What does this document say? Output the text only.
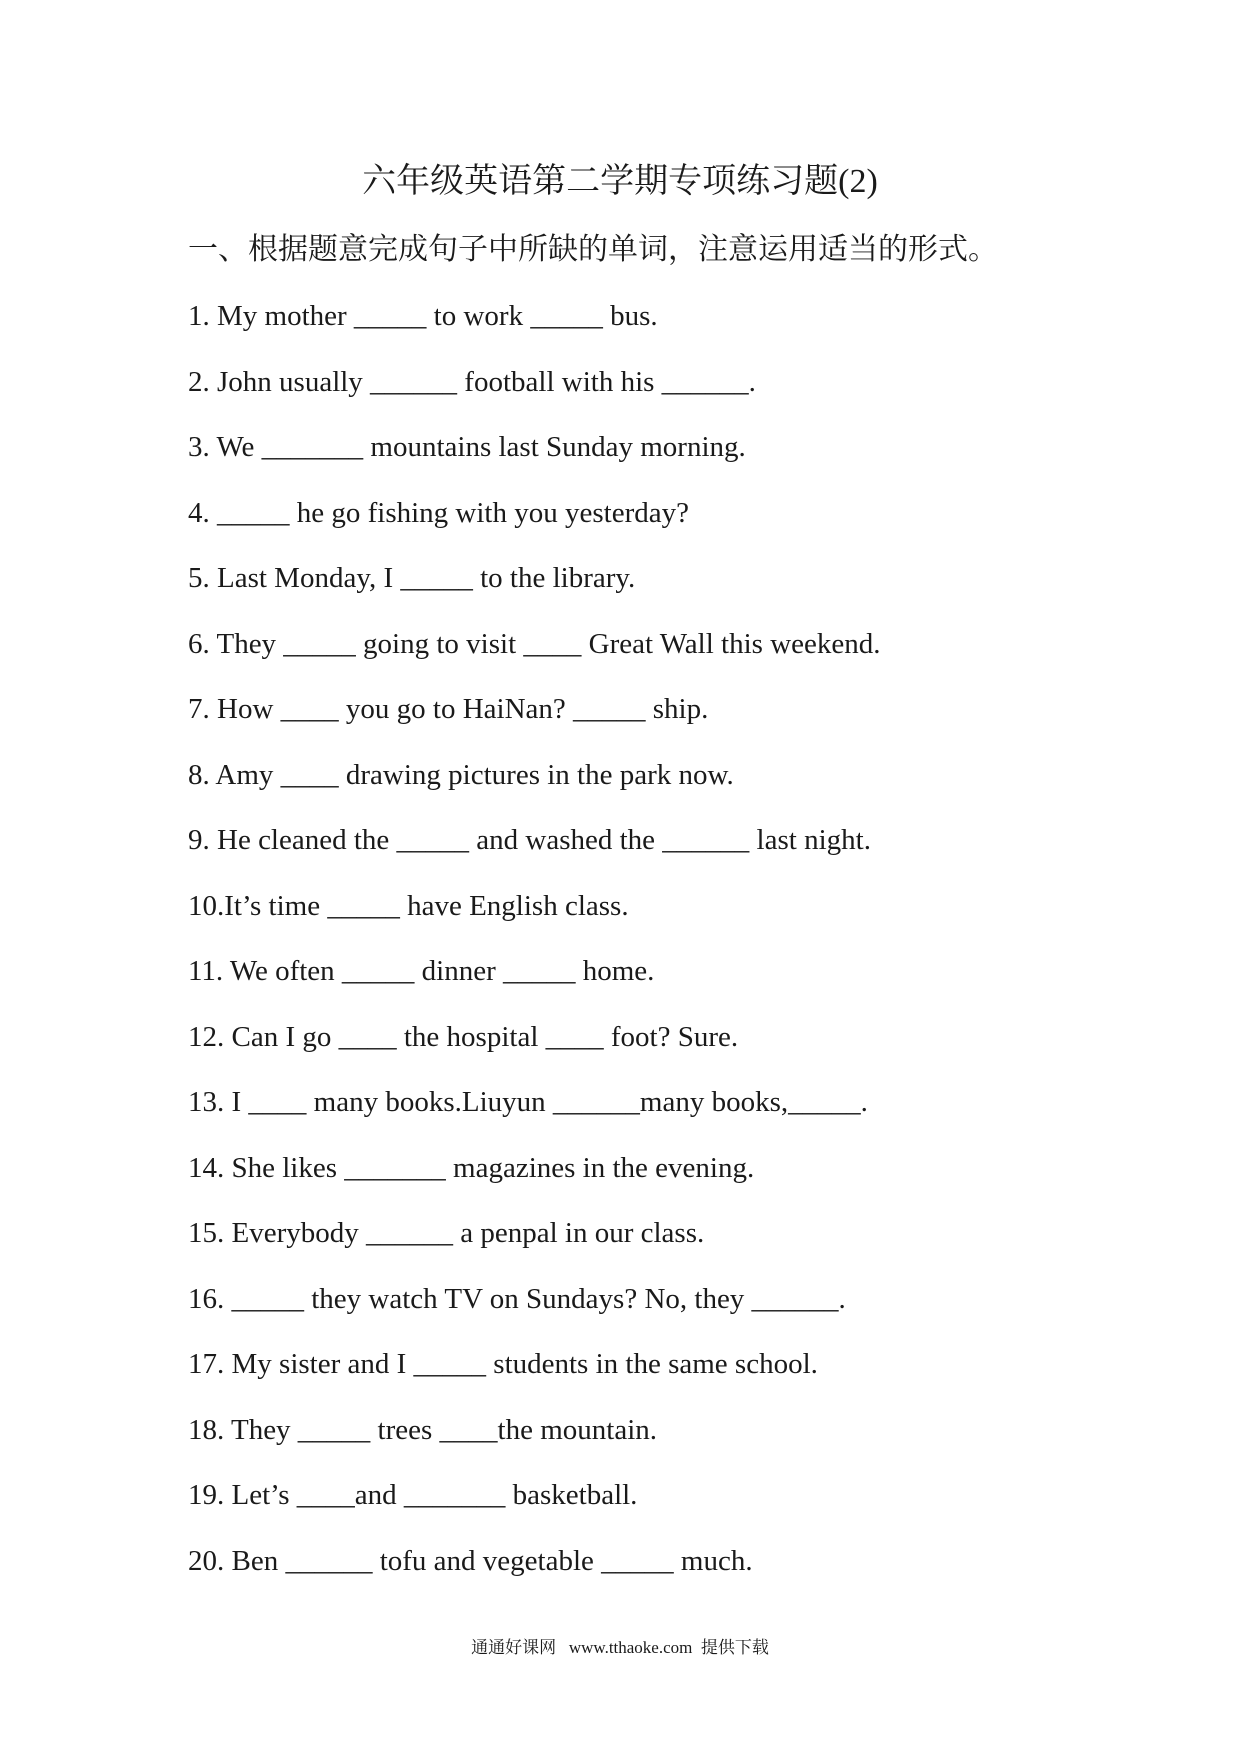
六年级英语第二学期专项练习题(2)
一、根据题意完成句子中所缺的单词，注意运用适当的形式。
1. My mother _____ to work _____ bus.
2. John usually ______ football with his ______.
3. We _______ mountains last Sunday morning.
4. _____ he go fishing with you yesterday?
5. Last Monday, I _____ to the library.
6. They _____ going to visit ____ Great Wall this weekend.
7. How ____ you go to HaiNan? _____ ship.
8. Amy ____ drawing pictures in the park now.
9. He cleaned the _____ and washed the ______ last night.
10.It’s time _____ have English class.
11. We often _____ dinner _____ home.
12. Can I go ____ the hospital ____ foot? Sure.
13. I ____ many books.Liuyun ______many books,_____.
14. She likes _______ magazines in the evening.
15. Everybody ______ a penpal in our class.
16. _____ they watch TV on Sundays? No, they ______.
17. My sister and I _____ students in the same school.
18. They _____ trees ____the mountain.
19. Let’s ____and _______ basketball.
20. Ben ______ tofu and vegetable _____ much.
通通好课网   www.tthaoke.com  提供下载
